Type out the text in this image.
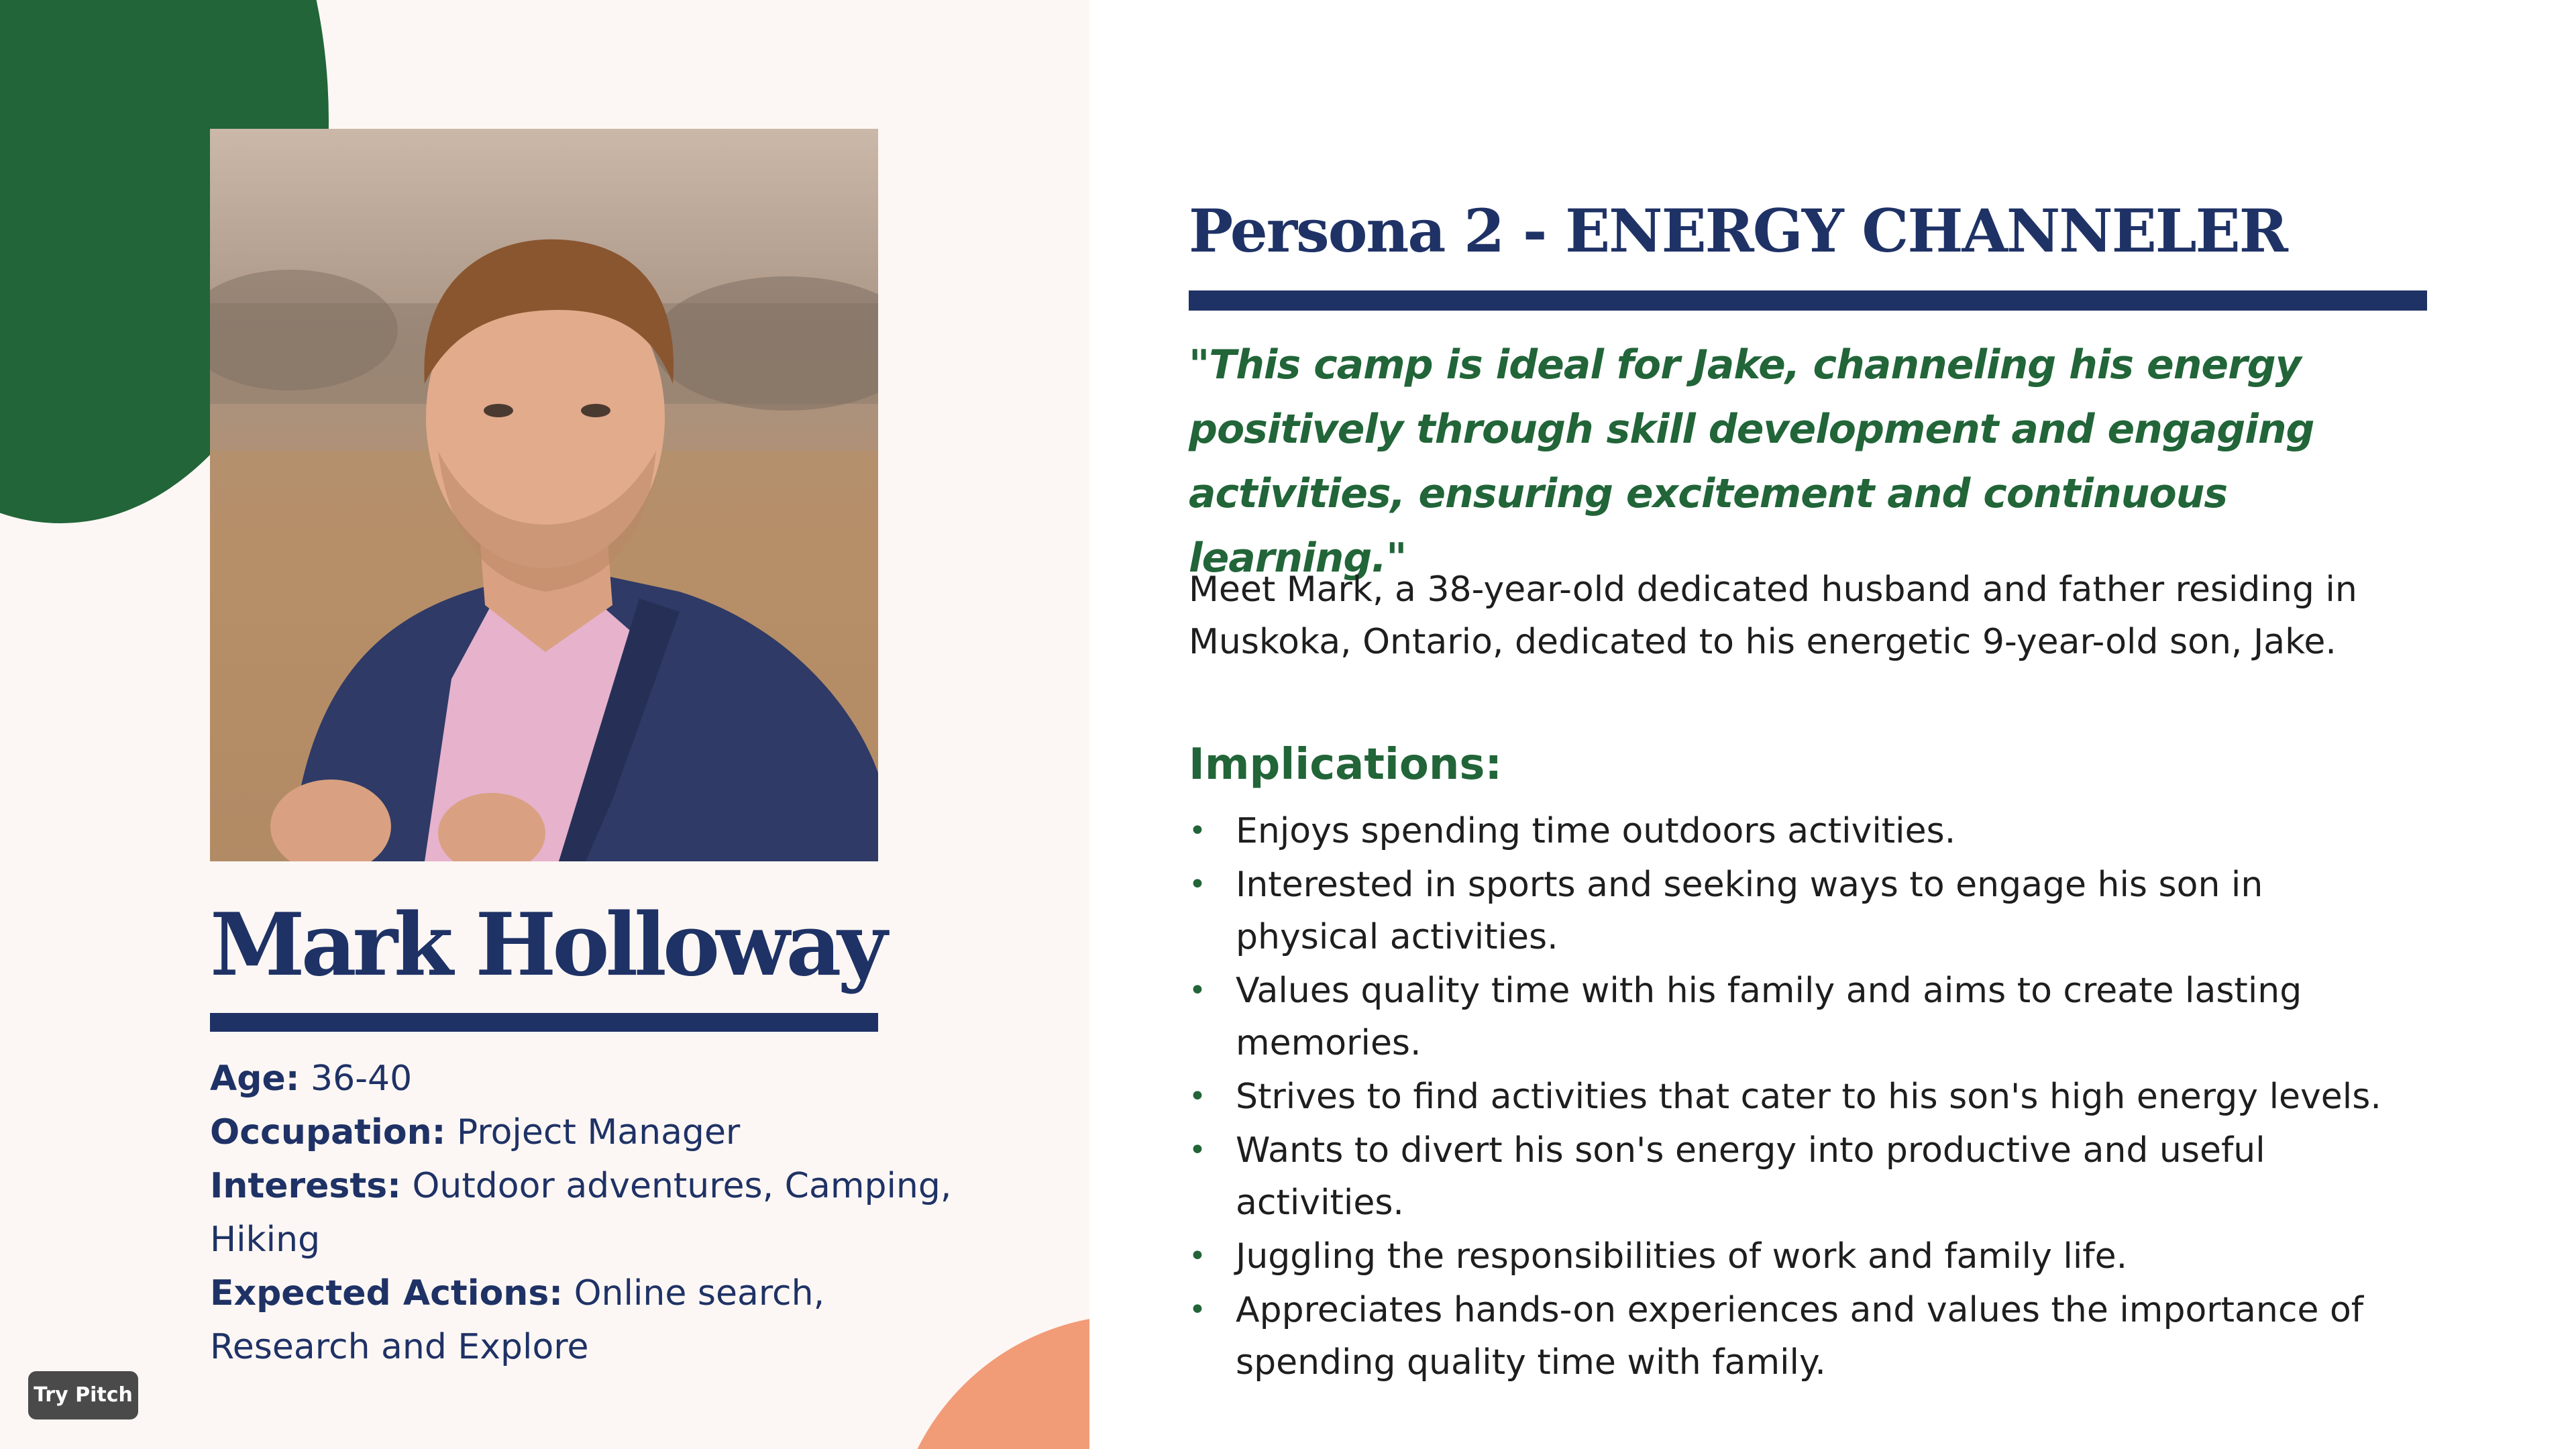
Mark Holloway

Age: 36-40

Occupation: Project Manager

Interests: Outdoor adventures, Camping, Hiking

Expected Actions: Online search, Research and Explore

Try Pitch
Persona 2 - ENERGY CHANNELER

"This camp is ideal for Jake, channeling his energy positively through skill development and engaging activities, ensuring excitement and continuous learning."

Meet Mark, a 38-year-old dedicated husband and father residing in Muskoka, Ontario, dedicated to his energetic 9-year-old son, Jake.

Implications:
• Enjoys spending time outdoors activities.
• Interested in sports and seeking ways to engage his son in physical activities.
• Values quality time with his family and aims to create lasting memories.
• Strives to find activities that cater to his son's high energy levels.
• Wants to divert his son's energy into productive and useful activities.
• Juggling the responsibilities of work and family life.
• Appreciates hands-on experiences and values the importance of spending quality time with family.
